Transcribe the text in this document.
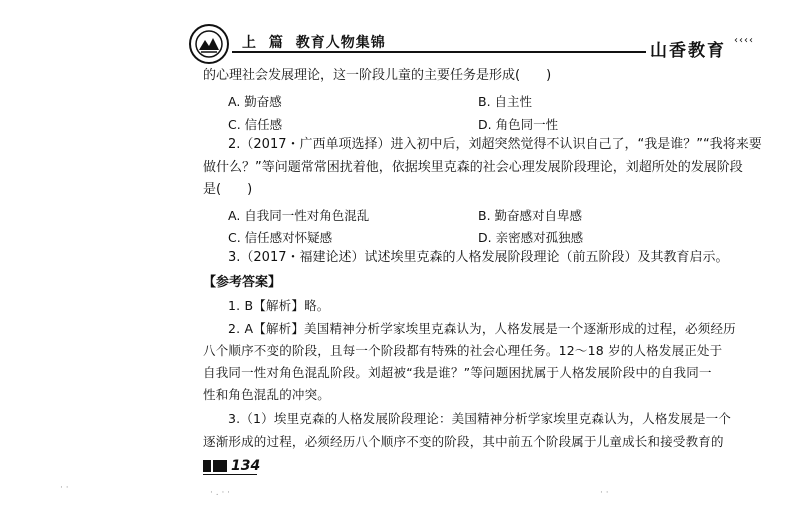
上 篇 教育人物集锦	山香教育
‹‹‹‹
的心理社会发展理论，这一阶段儿童的主要任务是形成(　　)
A. 勤奋感	B. 自主性
C. 信任感	D. 角色同一性
2.（2017・广西单项选择）进入初中后，刘超突然觉得不认识自己了，“我是谁？”“我将来要
做什么？”等问题常常困扰着他，依据埃里克森的社会心理发展阶段理论，刘超所处的发展阶段
是(　　)
A. 自我同一性对角色混乱	B. 勤奋感对自卑感
C. 信任感对怀疑感	D. 亲密感对孤独感
3.（2017・福建论述）试述埃里克森的人格发展阶段理论（前五阶段）及其教育启示。
【参考答案】
1. B【解析】略。
2. A【解析】美国精神分析学家埃里克森认为，人格发展是一个逐渐形成的过程，必须经历
八个顺序不变的阶段，且每一个阶段都有特殊的社会心理任务。12～18 岁的人格发展正处于
自我同一性对角色混乱阶段。刘超被“我是谁？”等问题困扰属于人格发展阶段中的自我同一
性和角色混乱的冲突。
3.（1）埃里克森的人格发展阶段理论：美国精神分析学家埃里克森认为，人格发展是一个
逐渐形成的过程，必须经历八个顺序不变的阶段，其中前五个阶段属于儿童成长和接受教育的
134
· ·	· . · ·	· ·
